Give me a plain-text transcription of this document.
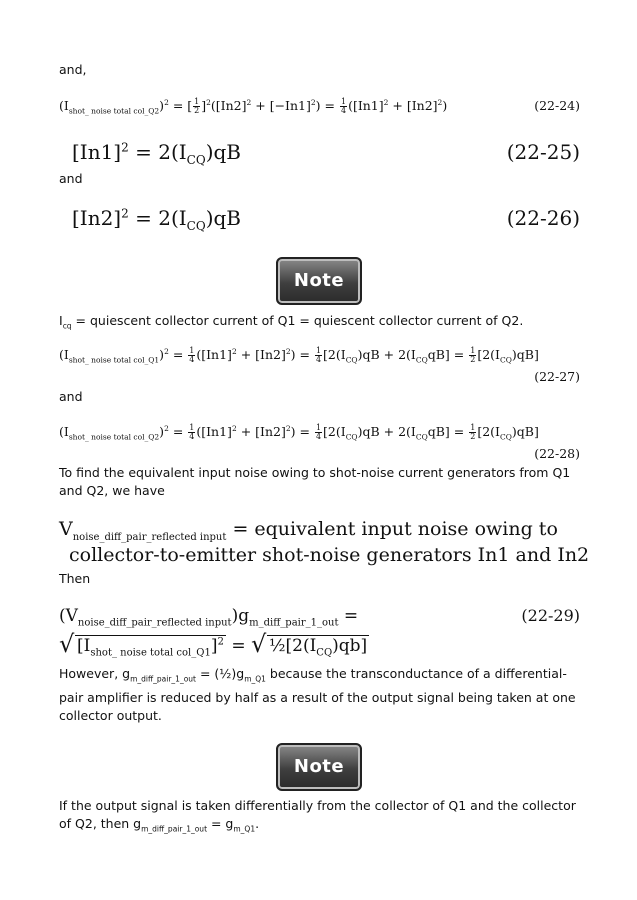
and,
$(I_{shot\_ noise total col\_Q2})^2$ = [ $\frac{1}{2} ]^2([In2]^2 + [-In1]^2) = \frac{1}{4} ([In1]^2 + [In2]^2)$	(22-24)
$[In1]^2 = 2(I_{CQ})qB$	(22-25)
and
$[In2]^2 = 2(I_{CQ})qB$	(22-26)
Note
$I_{cq}$ = quiescent collector current of Q1 = quiescent collector current of Q2.
$(I_{shot\_ noise total col\_Q1})^2 = \frac{1}{4} ([In1]^2 + [In2]^2) = \frac{1}{4} [2(I_{CQ})qB + 2(I_{CQ}qB] = \frac{1}{2} [2(I_{CQ})qB]$
(22-27)
and
$(I_{shot\_ noise total col\_Q2})^2 = \frac{1}{4} ([In1]^2 + [In2]^2) = \frac{1}{4} [2(I_{CQ})qB + 2(I_{CQ}qB] = \frac{1}{2} [2(I_{CQ})qB]$
(22-28)
To find the equivalent input noise owing to shot-noise current generators from Q1 and Q2, we have
$V_{noise\_diff\_pair\_reflected input}$ = equivalent input noise owing to
collector-to-emitter shot-noise generators In1 and In2
Then
$(V_{noise\_diff\_pair\_reflected input})g_{m\_diff\_pair\_1\_out}$ =	(22-29)
√ $[I_{shot\_ noise total col\_Q1}]^2$ = √ $\frac{1}{2}[2(I_{CQ})qb]$
However, $g_{m\_diff\_pair\_1\_out}$ = $(\frac{1}{2})g_{m\_Q1}$ because the transconductance of a differential-pair amplifier is reduced by half as a result of the output signal being taken at one collector output.
Note
If the output signal is taken differentially from the collector of Q1 and the collector of Q2, then $g_{m\_diff\_pair\_1\_out} = g_{m\_Q1}$.
